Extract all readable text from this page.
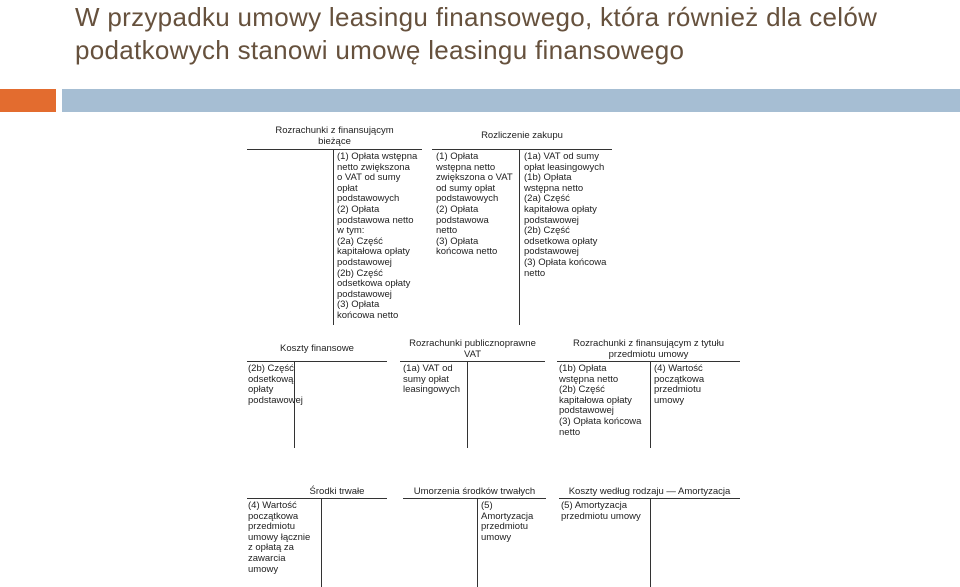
W przypadku umowy leasingu finansowego, która również dla celów podatkowych stanowi umowę leasingu finansowego
Rozrachunki z finansującym
bieżące

(1) Opłata wstępna
netto zwiększona
o VAT od sumy
opłat
podstawowych
(2) Opłata
podstawowa netto
w tym:
(2a) Część
kapitałowa opłaty
podstawowej
(2b) Część
odsetkowa opłaty
podstawowej
(3) Opłata
końcowa netto

Rozliczenie zakupu

(1) Opłata
wstępna netto
zwiększona o VAT
od sumy opłat
podstawowych
(2) Opłata
podstawowa
netto
(3) Opłata
końcowa netto

(1a) VAT od sumy
opłat leasingowych
(1b) Opłata
wstępna netto
(2a) Część
kapitałowa opłaty
podstawowej
(2b) Część
odsetkowa opłaty
podstawowej
(3) Opłata końcowa
netto

Koszty finansowe

(2b) Część
odsetkową
opłaty
podstawowej

Rozrachunki publicznoprawne
VAT

(1a) VAT od
sumy opłat
leasingowych

Rozrachunki z finansującym z tytułu
przedmiotu umowy

(1b) Opłata
wstępna netto
(2b) Część
kapitałowa opłaty
podstawowej
(3) Opłata końcowa
netto

(4) Wartość
początkowa
przedmiotu
umowy

Środki trwałe

(4) Wartość
początkowa
przedmiotu
umowy łącznie
z opłatą za
zawarcia
umowy

Umorzenia środków trwałych

(5)
Amortyzacja
przedmiotu
umowy

Koszty według rodzaju — Amortyzacja

(5) Amortyzacja
przedmiotu umowy
